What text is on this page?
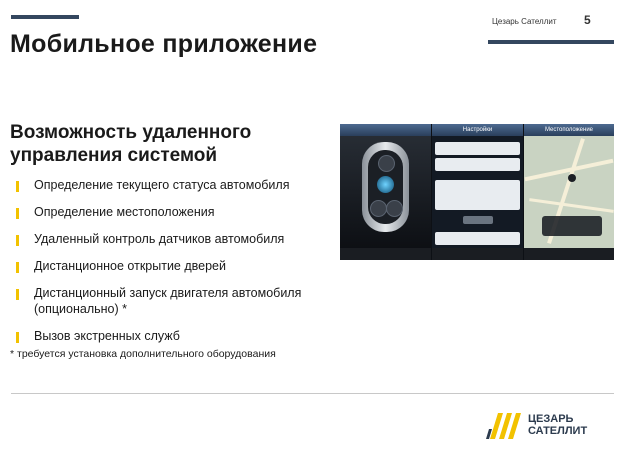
Цезарь Сателлит 5
Мобильное приложение
Возможность удаленного управления системой
Определение текущего статуса автомобиля
Определение местоположения
Удаленный контроль датчиков автомобиля
Дистанционное открытие дверей
Дистанционный запуск двигателя автомобиля (опционально) *
Вызов экстренных служб
* требуется установка дополнительного оборудования
Настройки	Местоположение
ЦЕЗАРЬ
САТЕЛЛИТ
